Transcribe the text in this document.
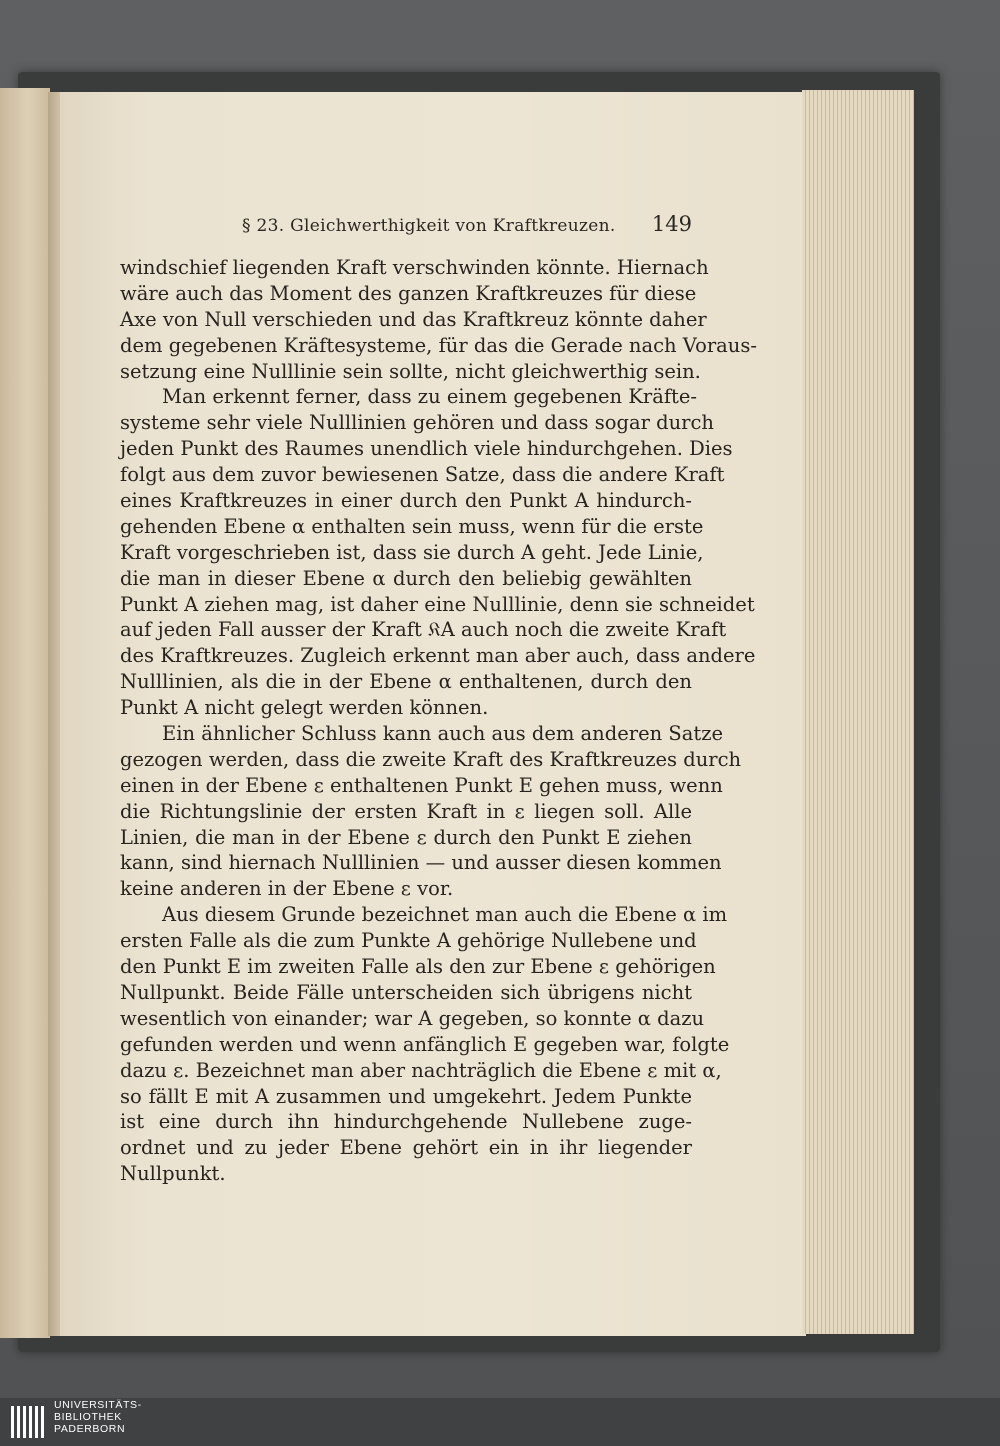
§ 23. Gleichwerthigkeit von Kraftkreuzen. 149
windschief liegenden Kraft verschwinden könnte. Hiernach
wäre auch das Moment des ganzen Kraftkreuzes für diese
Axe von Null verschieden und das Kraftkreuz könnte daher
dem gegebenen Kräftesysteme, für das die Gerade nach Voraus-
setzung eine Nulllinie sein sollte, nicht gleichwerthig sein.
Man erkennt ferner, dass zu einem gegebenen Kräfte-
systeme sehr viele Nulllinien gehören und dass sogar durch
jeden Punkt des Raumes unendlich viele hindurchgehen. Dies
folgt aus dem zuvor bewiesenen Satze, dass die andere Kraft
eines Kraftkreuzes in einer durch den Punkt A hindurch-
gehenden Ebene α enthalten sein muss, wenn für die erste
Kraft vorgeschrieben ist, dass sie durch A geht. Jede Linie,
die man in dieser Ebene α durch den beliebig gewählten
Punkt A ziehen mag, ist daher eine Nulllinie, denn sie schneidet
auf jeden Fall ausser der Kraft 𝔎A auch noch die zweite Kraft
des Kraftkreuzes. Zugleich erkennt man aber auch, dass andere
Nulllinien, als die in der Ebene α enthaltenen, durch den
Punkt A nicht gelegt werden können.
Ein ähnlicher Schluss kann auch aus dem anderen Satze
gezogen werden, dass die zweite Kraft des Kraftkreuzes durch
einen in der Ebene ε enthaltenen Punkt E gehen muss, wenn
die Richtungslinie der ersten Kraft in ε liegen soll. Alle
Linien, die man in der Ebene ε durch den Punkt E ziehen
kann, sind hiernach Nulllinien — und ausser diesen kommen
keine anderen in der Ebene ε vor.
Aus diesem Grunde bezeichnet man auch die Ebene α im
ersten Falle als die zum Punkte A gehörige Nullebene und
den Punkt E im zweiten Falle als den zur Ebene ε gehörigen
Nullpunkt. Beide Fälle unterscheiden sich übrigens nicht
wesentlich von einander; war A gegeben, so konnte α dazu
gefunden werden und wenn anfänglich E gegeben war, folgte
dazu ε. Bezeichnet man aber nachträglich die Ebene ε mit α,
so fällt E mit A zusammen und umgekehrt. Jedem Punkte
ist eine durch ihn hindurchgehende Nullebene zuge-
ordnet und zu jeder Ebene gehört ein in ihr liegender
Nullpunkt.
UNIVERSITÄTS-
BIBLIOTHEK
PADERBORN
